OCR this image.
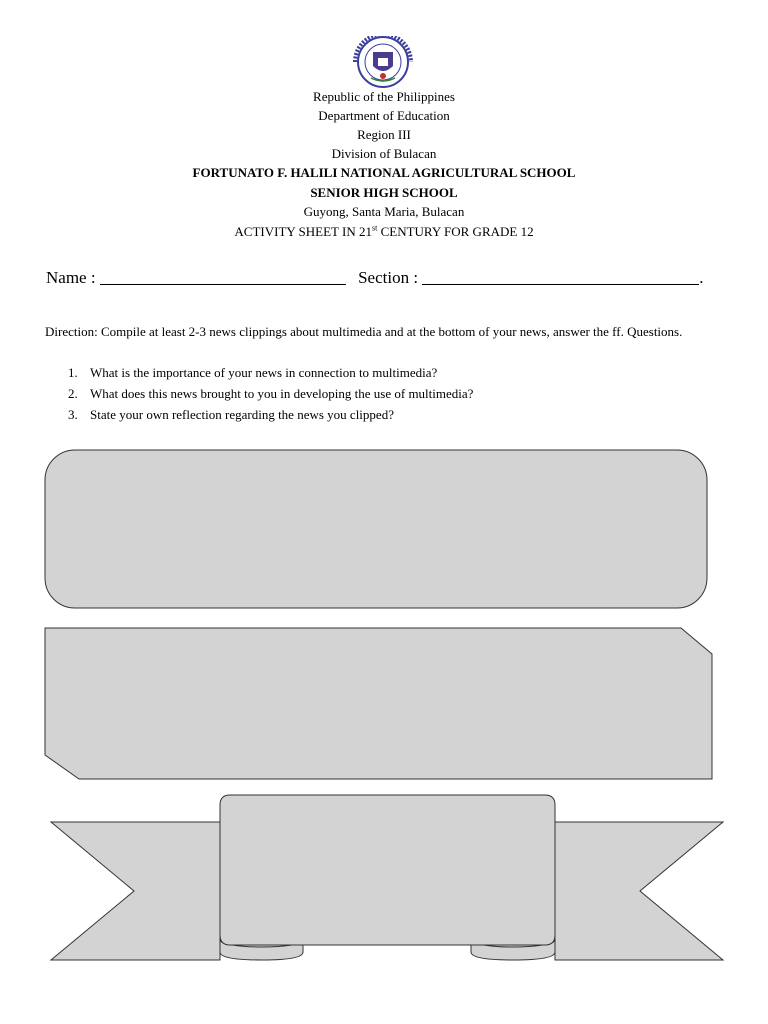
Republic of the Philippines
Department of Education
Region III
Division of Bulacan
FORTUNATO F. HALILI NATIONAL AGRICULTURAL SCHOOL
SENIOR HIGH SCHOOL
Guyong, Santa Maria, Bulacan
ACTIVITY SHEET IN 21st CENTURY FOR GRADE 12
Name :	Section :	.
Direction: Compile at least 2-3 news clippings about multimedia and at the bottom of your news, answer the ff. Questions.
1. What is the importance of your news in connection to multimedia?
2. What does this news brought to you in developing the use of multimedia?
3. State your own reflection regarding the news you clipped?
